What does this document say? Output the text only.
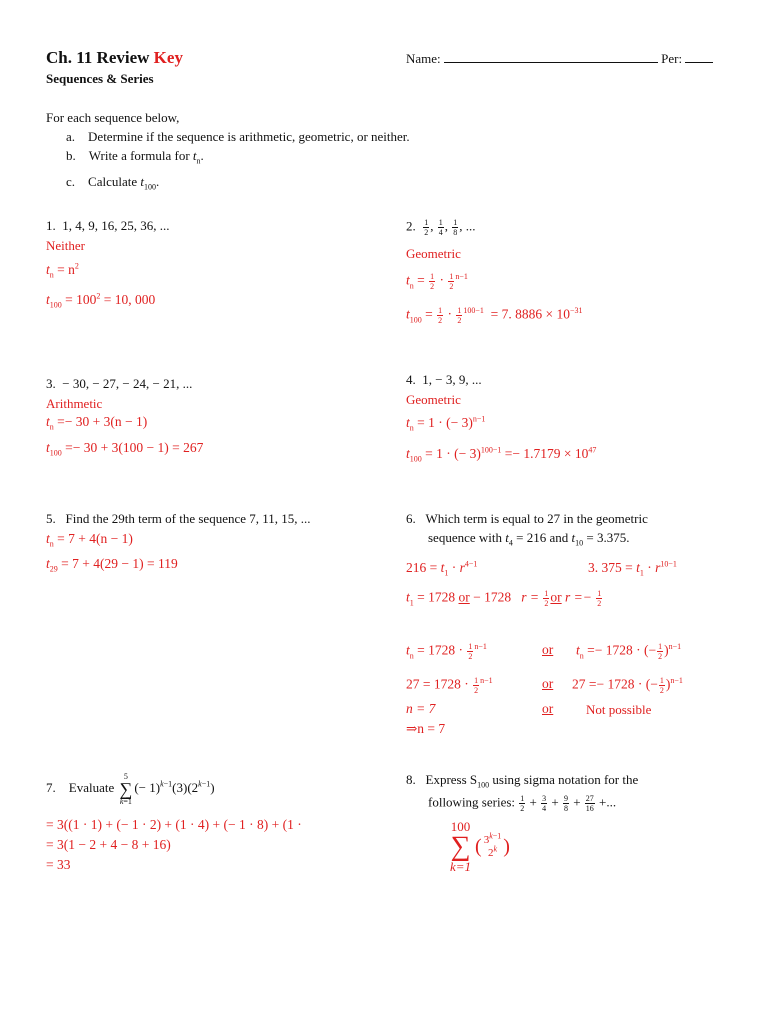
Ch. 11 Review Key
Sequences & Series
Name:	Per:
For each sequence below,
a. Determine if the sequence is arithmetic, geometric, or neither.
b. Write a formula for $t_n$.
c. Calculate $t_{100}$.
1. 1, 4, 9, 16, 25, 36, ...
Neither
$t_n = n^2$
$t_{100} = 100^2 = 10$, 000
2. $\frac{1}{2}$ , $\frac{1}{4}$ , $\frac{1}{8}$ , ...
Geometric
$t_n = \frac{1}{2} \cdot \frac{1}{2} ^{n-1}$
$t_{100} = \frac{1}{2} \cdot \frac{1}{2} ^{100-1} = 7$. $8886 \times 10^{-31}$
3. − 30, − 27, − 24, − 21, ...
Arithmetic
$t_n =- 30 + 3(n - 1)$
$t_{100} =- 30 + 3(100 - 1) = 267$
4. 1, − 3, 9, ...
Geometric
$t_n = 1$ · (− 3)$^{n-1}$
$t_{100} = 1$ · (− $3)^{100-1} =- 1.7179 \times 10^{47}$
5. Find the 29th term of the sequence 7, 11, 15, ...
$t_n = 7 + 4(n - 1)$
$t_{29} = 7 + 4(29 - 1) = 119$
6. Which term is equal to 27 in the geometric
sequence with $t_4 = 216$ and $t_{10} = 3.375$.
$216 = t_1 \cdot r^{4-1}$	3. $375 = t_1 \cdot r^{10-1}$
$t_1 = 1728$ or − 1728 $r = \frac{1}{2}$ or $r =- \frac{1}{2}$
$t_n = 1728 \cdot \frac{1}{2} ^{n-1}$	or $t_n =- 1728$ · (− $\frac{1}{2} )^{n-1}$
$27 = 1728 \cdot \frac{1}{2} ^{n-1}$	or 27 =− 1728 · (− $\frac{1}{2} )^{n-1}$
n = 7	or	Not possible
⇒n = 7
7. Evaluate 5
∑
$k=1(- 1)^{k-1}(3)(2^{k-1})$
= 3((1 · 1) + (− 1 · 2) + (1 · 4) + (− 1 · 8) + (1 ·
= 3(1 − 2 + 4 − 8 + 16)
= 33
8. Express $S_{100}$ using sigma notation for the
following series: $\frac{1}{2} + \frac{3}{4} + \frac{9}{8} + \frac{27}{16}$ +...
100
∑
k=1 ( $3^{k-1}$
2$^k$ )
